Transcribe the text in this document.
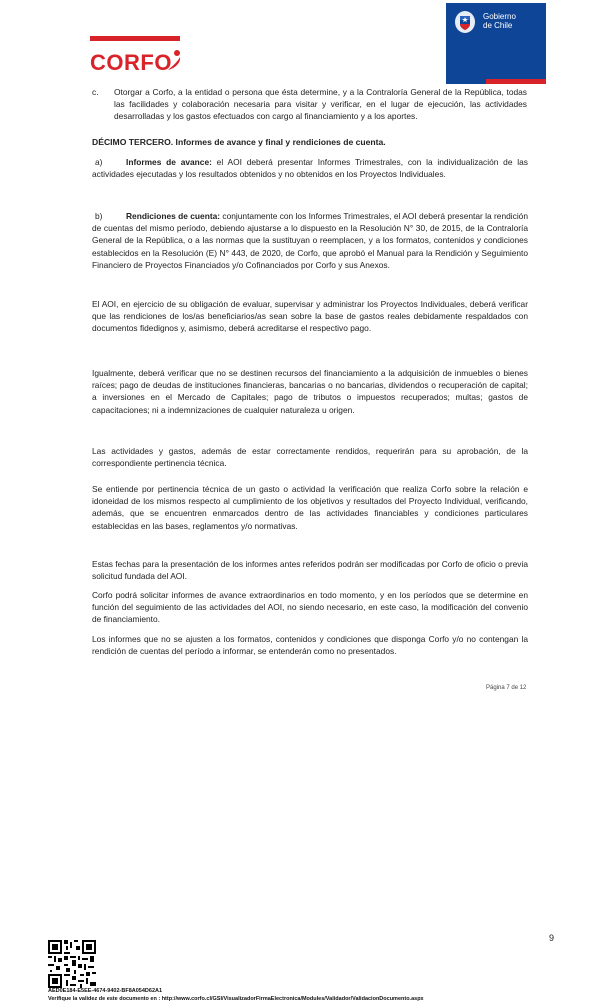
CORFO
Gobierno
de Chile
c.	Otorgar a Corfo, a la entidad o persona que ésta determine, y a la Contraloría General de la República, todas las facilidades y colaboración necesaria para visitar y verificar, en el lugar de ejecución, las actividades desarrolladas y los gastos efectuados con cargo al financiamiento y a los aportes.
DÉCIMO TERCERO. Informes de avance y final y rendiciones de cuenta.
a)	Informes de avance: el AOI deberá presentar Informes Trimestrales, con la individualización de las actividades ejecutadas y los resultados obtenidos y no obtenidos en los Proyectos Individuales.
b)	Rendiciones de cuenta: conjuntamente con los Informes Trimestrales, el AOI deberá presentar la rendición de cuentas del mismo período, debiendo ajustarse a lo dispuesto en la Resolución N° 30, de 2015, de la Contraloría General de la República, o a las normas que la sustituyan o reemplacen, y a los formatos, contenidos y condiciones establecidos en la Resolución (E) N° 443, de 2020, de Corfo, que aprobó el Manual para la Rendición y Seguimiento Financiero de Proyectos Financiados y/o Cofinanciados por Corfo y sus Anexos.
El AOI, en ejercicio de su obligación de evaluar, supervisar y administrar los Proyectos Individuales, deberá verificar que las rendiciones de los/as beneficiarios/as sean sobre la base de gastos reales debidamente respaldados con documentos fidedignos y, asimismo, deberá acreditarse el respectivo pago.
Igualmente, deberá verificar que no se destinen recursos del financiamiento a la adquisición de inmuebles o bienes raíces; pago de deudas de instituciones financieras, bancarias o no bancarias, dividendos o recuperación de capital; a inversiones en el Mercado de Capitales; pago de tributos o impuestos recuperados; multas; gastos de capacitaciones; ni a indemnizaciones de cualquier naturaleza u origen.
Las actividades y gastos, además de estar correctamente rendidos, requerirán para su aprobación, de la correspondiente pertinencia técnica.
Se entiende por pertinencia técnica de un gasto o actividad la verificación que realiza Corfo sobre la relación e idoneidad de los mismos respecto al cumplimiento de los objetivos y resultados del Proyecto Individual, verificando, además, que se encuentren enmarcados dentro de las actividades financiables y condiciones particulares establecidas en las bases, reglamentos y/o normativas.
Estas fechas para la presentación de los informes antes referidos podrán ser modificadas por Corfo de oficio o previa solicitud fundada del AOI.
Corfo podrá solicitar informes de avance extraordinarios en todo momento, y en los períodos que se determine en función del seguimiento de las actividades del AOI, no siendo necesario, en este caso, la modificación del convenio de financiamiento.
Los informes que no se ajusten a los formatos, contenidos y condiciones que disponga Corfo y/o no contengan la rendición de cuentas del período a informar, se entenderán como no presentados.
Página 7 de 12
9
AED0E184-E5EE-4674-9402-BF8A054D62A1
Verifique la validez de este documento en : http://www.corfo.cl/GSI/VisualizadorFirmaElectronica/Modules/Validador/ValidacionDocumento.aspx
